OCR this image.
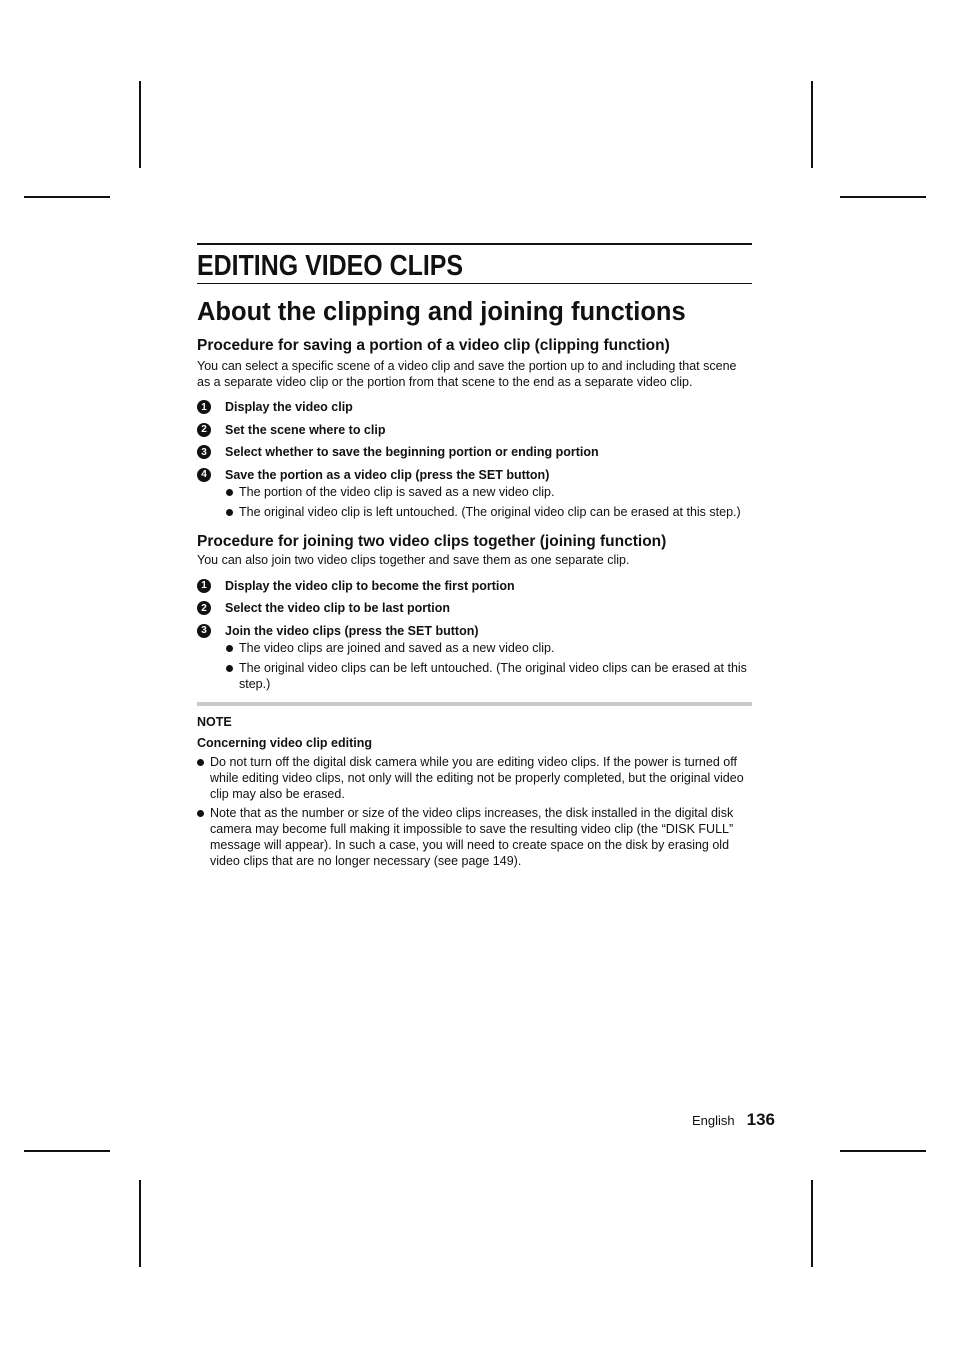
EDITING VIDEO CLIPS
About the clipping and joining functions
Procedure for saving a portion of a video clip (clipping function)

You can select a specific scene of a video clip and save the portion up to and including that scene as a separate video clip or the portion from that scene to the end as a separate video clip.

1	Display the video clip
2	Set the scene where to clip
3	Select whether to save the beginning portion or ending portion
4	Save the portion as a video clip (press the SET button)
The portion of the video clip is saved as a new video clip.
The original video clip is left untouched. (The original video clip can be erased at this step.)
Procedure for joining two video clips together (joining function)

You can also join two video clips together and save them as one separate clip.

1	Display the video clip to become the first portion
2	Select the video clip to be last portion
3	Join the video clips (press the SET button)
The video clips are joined and saved as a new video clip.
The original video clips can be left untouched. (The original video clips can be erased at this step.)
NOTE
Concerning video clip editing
Do not turn off the digital disk camera while you are editing video clips. If the power is turned off while editing video clips, not only will the editing not be properly completed, but the original video clip may also be erased.
Note that as the number or size of the video clips increases, the disk installed in the digital disk camera may become full making it impossible to save the resulting video clip (the “DISK FULL” message will appear). In such a case, you will need to create space on the disk by erasing old video clips that are no longer necessary (see page 149).
English 136
